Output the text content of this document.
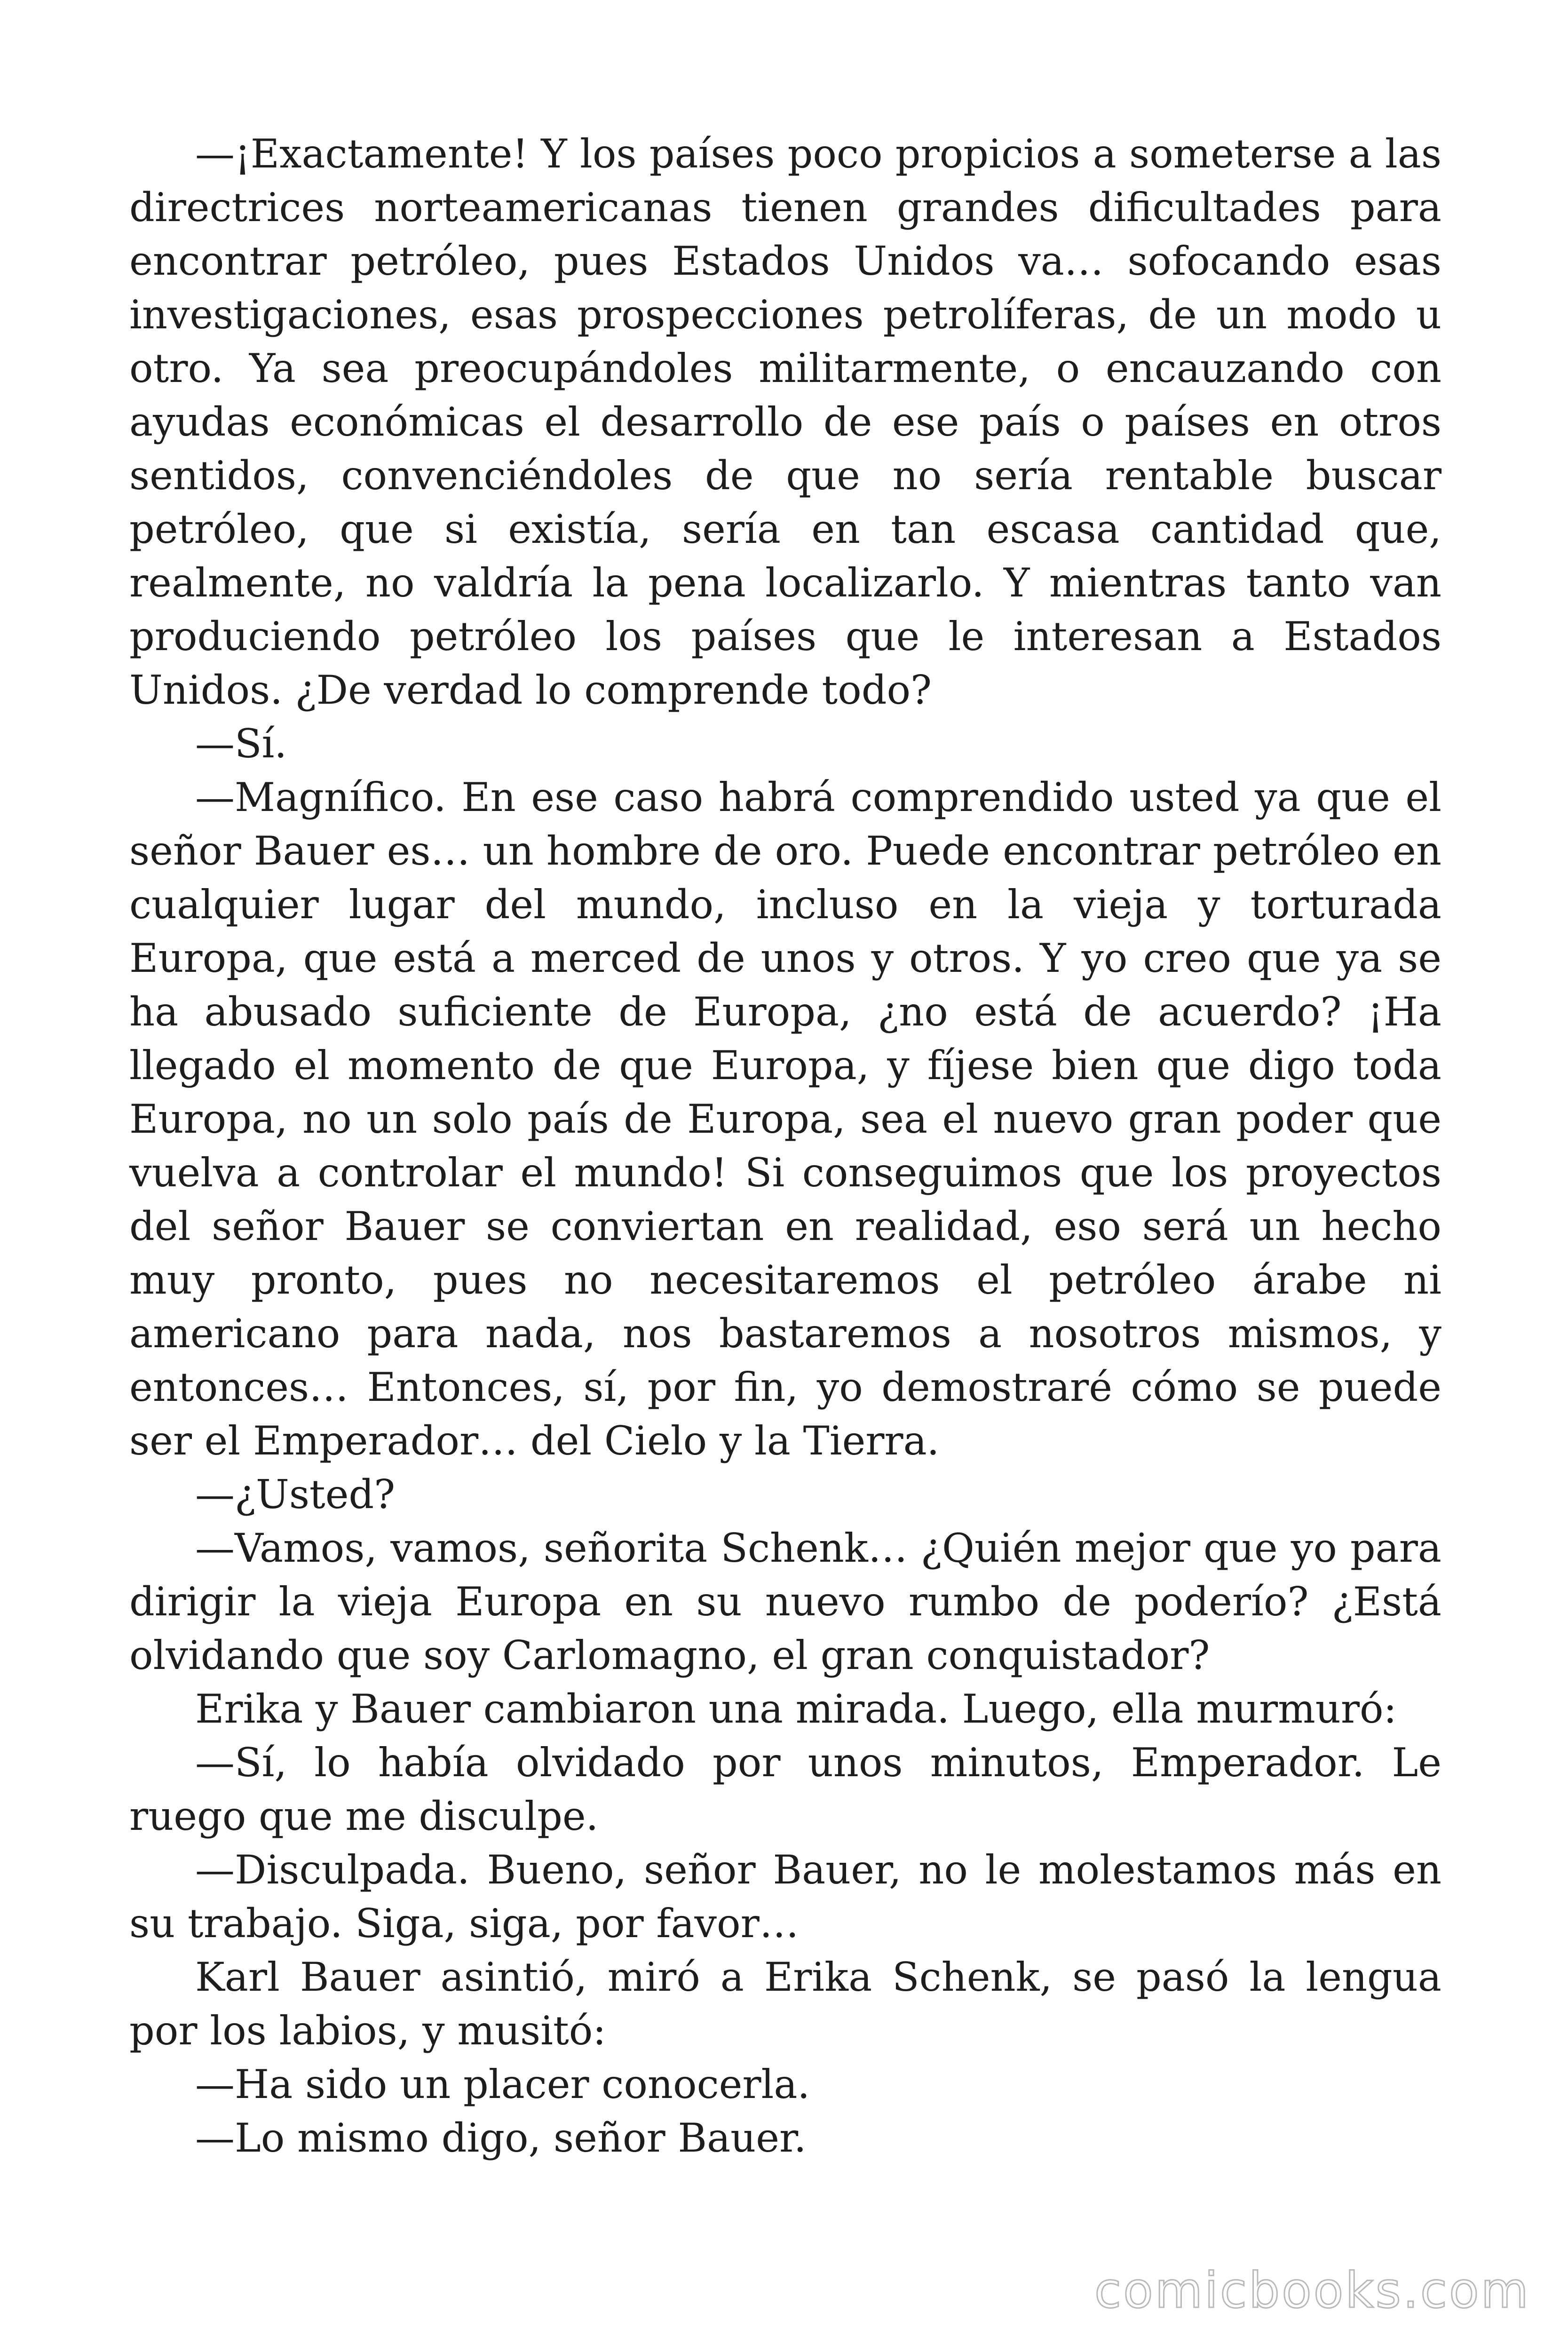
—¡Exactamente! Y los países poco propicios a someterse a las directrices norteamericanas tienen grandes dificultades para encontrar petróleo, pues Estados Unidos va… sofocando esas investigaciones, esas prospecciones petrolíferas, de un modo u otro. Ya sea preocupándoles militarmente, o encauzando con ayudas económicas el desarrollo de ese país o países en otros sentidos, convenciéndoles de que no sería rentable buscar petróleo, que si existía, sería en tan escasa cantidad que, realmente, no valdría la pena localizarlo. Y mientras tanto van produciendo petróleo los países que le interesan a Estados Unidos. ¿De verdad lo comprende todo?

—Sí.

—Magnífico. En ese caso habrá comprendido usted ya que el señor Bauer es… un hombre de oro. Puede encontrar petróleo en cualquier lugar del mundo, incluso en la vieja y torturada Europa, que está a merced de unos y otros. Y yo creo que ya se ha abusado suficiente de Europa, ¿no está de acuerdo? ¡Ha llegado el momento de que Europa, y fíjese bien que digo toda Europa, no un solo país de Europa, sea el nuevo gran poder que vuelva a controlar el mundo! Si conseguimos que los proyectos del señor Bauer se conviertan en realidad, eso será un hecho muy pronto, pues no necesitaremos el petróleo árabe ni americano para nada, nos bastaremos a nosotros mismos, y entonces… Entonces, sí, por fin, yo demostraré cómo se puede ser el Emperador… del Cielo y la Tierra.

—¿Usted?

—Vamos, vamos, señorita Schenk… ¿Quién mejor que yo para dirigir la vieja Europa en su nuevo rumbo de poderío? ¿Está olvidando que soy Carlomagno, el gran conquistador?

Erika y Bauer cambiaron una mirada. Luego, ella murmuró:

—Sí, lo había olvidado por unos minutos, Emperador. Le ruego que me disculpe.

—Disculpada. Bueno, señor Bauer, no le molestamos más en su trabajo. Siga, siga, por favor…

Karl Bauer asintió, miró a Erika Schenk, se pasó la lengua por los labios, y musitó:

—Ha sido un placer conocerla.

—Lo mismo digo, señor Bauer.

comicbooks.com
